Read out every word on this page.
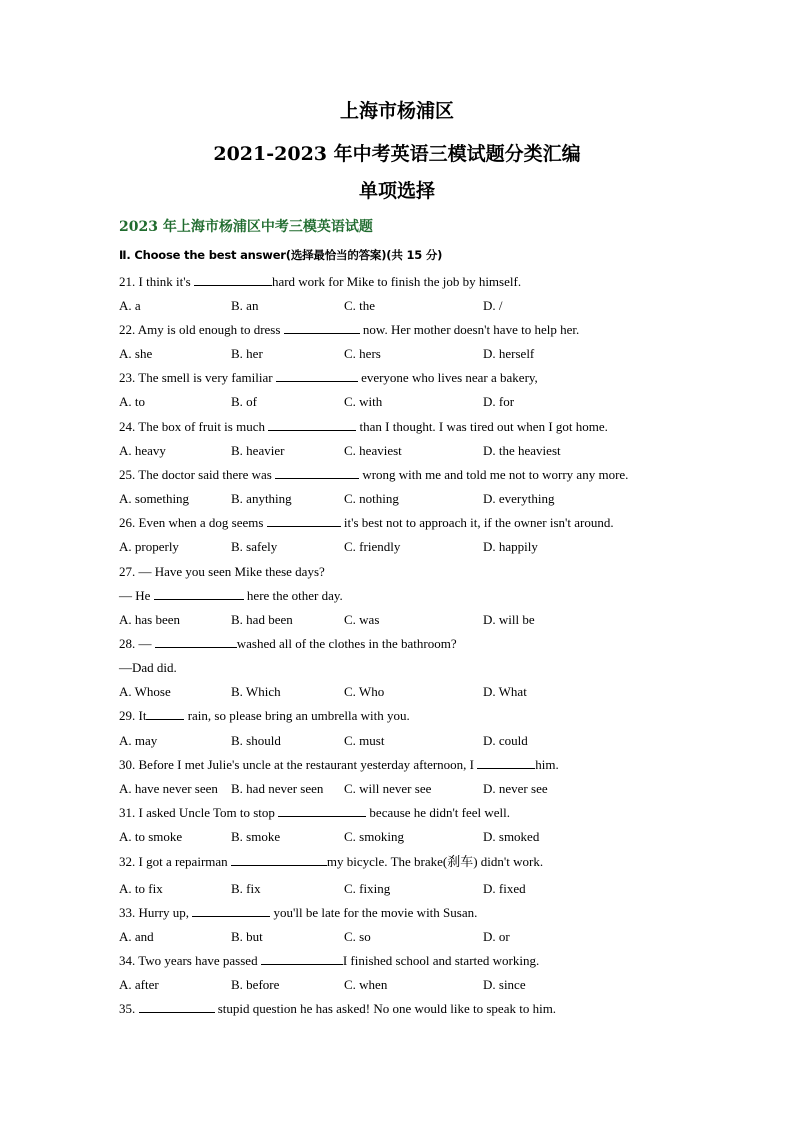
上海市杨浦区
2021-2023 年中考英语三模试题分类汇编
单项选择
2023 年上海市杨浦区中考三模英语试题
Ⅱ. Choose the best answer(选择最恰当的答案)(共 15 分)
21. I think it's	hard work for Mike to finish the job by himself.
A. a	B. an	C. the	D. /
22. Amy is old enough to dress	now. Her mother doesn't have to help her.
A. she	B. her	C. hers	D. herself
23. The smell is very familiar	everyone who lives near a bakery,
A. to	B. of	C. with	D. for
24. The box of fruit is much	than I thought. I was tired out when I got home.
A. heavy	B. heavier	C. heaviest	D. the heaviest
25. The doctor said there was	wrong with me and told me not to worry any more.
A. something	B. anything	C. nothing	D. everything
26. Even when a dog seems	it's best not to approach it, if the owner isn't around.
A. properly	B. safely	C. friendly	D. happily
27. — Have you seen Mike these days?
— He	here the other day.
A. has been	B. had been	C. was	D. will be
28. —	washed all of the clothes in the bathroom?
—Dad did.
A. Whose	B. Which	C. Who	D. What
29. It	rain, so please bring an umbrella with you.
A. may	B. should	C. must	D. could
30. Before I met Julie's uncle at the restaurant yesterday afternoon, I	him.
A. have never seen B. had never seen C. will never see	D. never see
31. I asked Uncle Tom to stop	because he didn't feel well.
A. to smoke	B. smoke	C. smoking	D. smoked
32. I got a repairman	my bicycle. The brake(刹车) didn't work.
A. to fix	B. fix	C. fixing	D. fixed
33. Hurry up,	you'll be late for the movie with Susan.
A. and	B. but	C. so	D. or
34. Two years have passed	I finished school and started working.
A. after	B. before	C. when	D. since
35.	stupid question he has asked! No one would like to speak to him.
